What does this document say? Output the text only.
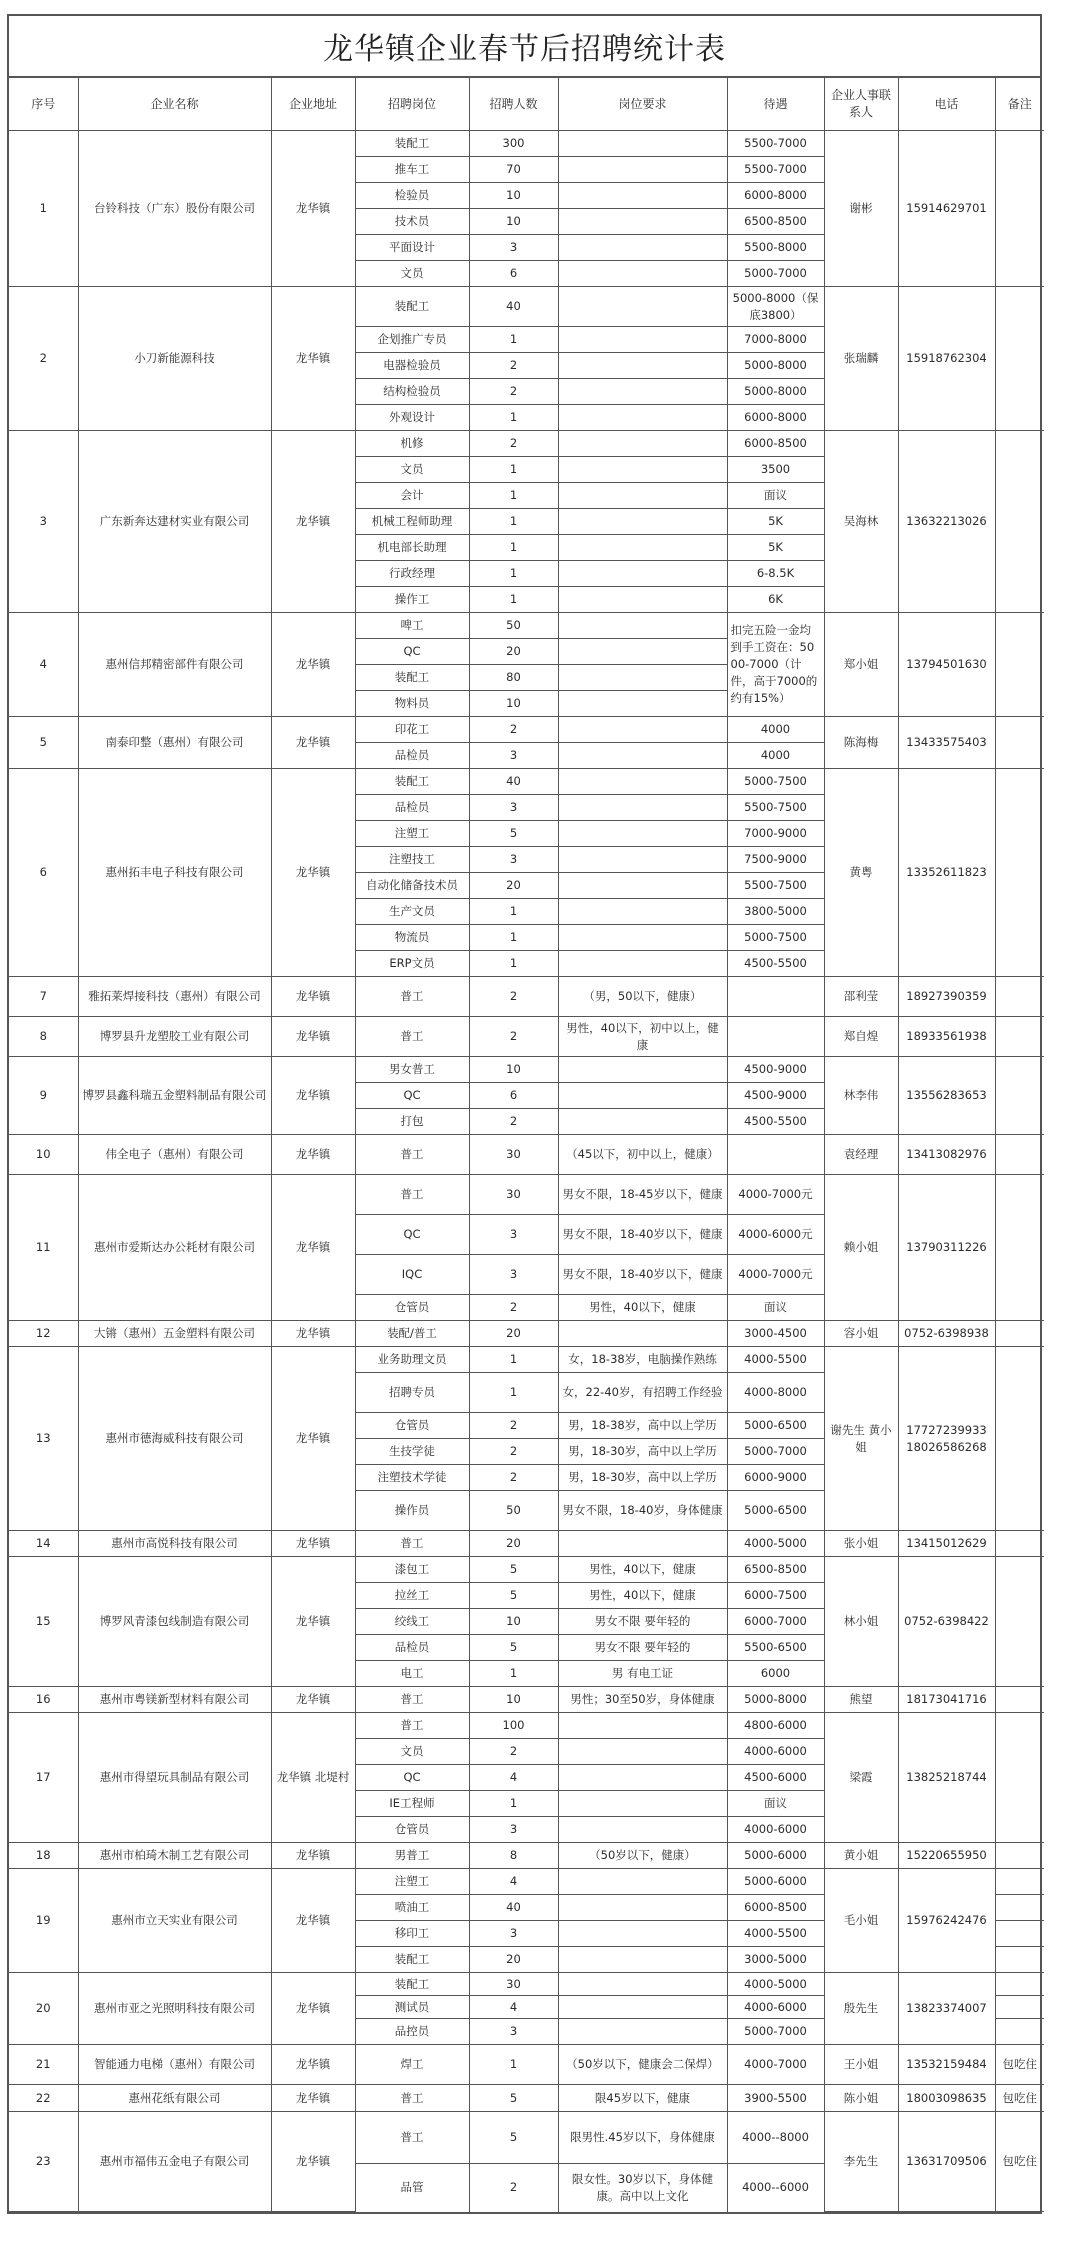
龙华镇企业春节后招聘统计表
序号	企业名称	企业地址	招聘岗位	招聘人数	岗位要求	待遇	企业人事联系人	电话	备注
1	台铃科技（广东）股份有限公司	龙华镇	装配工	300		5500-7000	谢彬	15914629701	
			推车工	70		5500-7000			
			检验员	10		6000-8000			
			技术员	10		6500-8500			
			平面设计	3		5500-8000			
			文员	6		5000-7000			
2	小刀新能源科技	龙华镇	装配工	40		5000-8000（保底3800）	张瑞麟	15918762304	
			企划推广专员	1		7000-8000			
			电器检验员	2		5000-8000			
			结构检验员	2		5000-8000			
			外观设计	1		6000-8000			
3	广东新奔达建材实业有限公司	龙华镇	机修	2		6000-8500	吴海林	13632213026	
			文员	1		3500			
			会计	1		面议			
			机械工程师助理	1		5K			
			机电部长助理	1		5K			
			行政经理	1		6-8.5K			
			操作工	1		6K			
4	惠州信邦精密部件有限公司	龙华镇	啤工	50		扣完五险一金均到手工资在：5000-7000（计件，高于7000的约有15%）	郑小姐	13794501630	
			QC	20					
			装配工	80					
			物料员	10					
5	南泰印整（惠州）有限公司	龙华镇	印花工	2		4000	陈海梅	13433575403	
			品检员	3		4000			
6	惠州拓丰电子科技有限公司	龙华镇	装配工	40		5000-7500	黄粤	13352611823	
			品检员	3		5500-7500			
			注塑工	5		7000-9000			
			注塑技工	3		7500-9000			
			自动化储备技术员	20		5500-7500			
			生产文员	1		3800-5000			
			物流员	1		5000-7500			
			ERP文员	1		4500-5500			
7	雅拓莱焊接科技（惠州）有限公司	龙华镇	普工	2	（男，50以下，健康）		邵利莹	18927390359	
8	博罗县升龙塑胶工业有限公司	龙华镇	普工	2	男性，40以下，初中以上，健康		郑自煌	18933561938	
9	博罗县鑫科瑞五金塑料制品有限公司	龙华镇	男女普工	10		4500-9000	林李伟	13556283653	
			QC	6		4500-9000			
			打包	2		4500-5500			
10	伟全电子（惠州）有限公司	龙华镇	普工	30	（45以下，初中以上，健康）		袁经理	13413082976	
11	惠州市爱斯达办公耗材有限公司	龙华镇	普工	30	男女不限，18-45岁以下，健康	4000-7000元	赖小姐	13790311226	
			QC	3	男女不限，18-40岁以下，健康	4000-6000元			
			IQC	3	男女不限，18-40岁以下，健康	4000-7000元			
			仓管员	2	男性，40以下，健康	面议			
12	大锵（惠州）五金塑料有限公司	龙华镇	装配/普工	20		3000-4500	容小姐	0752-6398938	
13	惠州市德海威科技有限公司	龙华镇	业务助理文员	1	女，18-38岁，电脑操作熟练	4000-5500	谢先生 黄小姐	17727239933 18026586268	
			招聘专员	1	女，22-40岁，有招聘工作经验	4000-8000			
			仓管员	2	男，18-38岁，高中以上学历	5000-6500			
			生技学徒	2	男，18-30岁，高中以上学历	5000-7000			
			注塑技术学徒	2	男，18-30岁，高中以上学历	6000-9000			
			操作员	50	男女不限，18-40岁，身体健康	5000-6500			
14	惠州市高悦科技有限公司	龙华镇	普工	20		4000-5000	张小姐	13415012629	
15	博罗风青漆包线制造有限公司	龙华镇	漆包工	5	男性，40以下，健康	6500-8500	林小姐	0752-6398422	
			拉丝工	5	男性，40以下，健康	6000-7500			
			绞线工	10	男女不限 要年轻的	6000-7000			
			品检员	5	男女不限 要年轻的	5500-6500			
			电工	1	男 有电工证	6000			
16	惠州市粤镁新型材料有限公司	龙华镇	普工	10	男性；30至50岁，身体健康	5000-8000	熊望	18173041716	
17	惠州市得望玩具制品有限公司	龙华镇 北堤村	普工	100		4800-6000	梁霞	13825218744	
			文员	2		4000-6000			
			QC	4		4500-6000			
			IE工程师	1		面议			
			仓管员	3		4000-6000			
18	惠州市柏琦木制工艺有限公司	龙华镇	男普工	8	（50岁以下，健康）	5000-6000	黄小姐	15220655950	
19	惠州市立天实业有限公司	龙华镇	注塑工	4		5000-6000	毛小姐	15976242476	
			喷油工	40		6000-8500			
			移印工	3		4000-5500			
			装配工	20		3000-5000			
20	惠州市亚之光照明科技有限公司	龙华镇	装配工	30		4000-5000	殷先生	13823374007	
			测试员	4		4000-6000			
			品控员	3		5000-7000			
21	智能通力电梯（惠州）有限公司	龙华镇	焊工	1	（50岁以下，健康会二保焊）	4000-7000	王小姐	13532159484	包吃住
22	惠州花纸有限公司	龙华镇	普工	5	限45岁以下，健康	3900-5500	陈小姐	18003098635	包吃住
23	惠州市福伟五金电子有限公司	龙华镇	普工	5	限男性.45岁以下，身体健康	4000--8000	李先生	13631709506	包吃住
			品管	2	限女性。30岁以下，身体健康。高中以上文化	4000--6000			
